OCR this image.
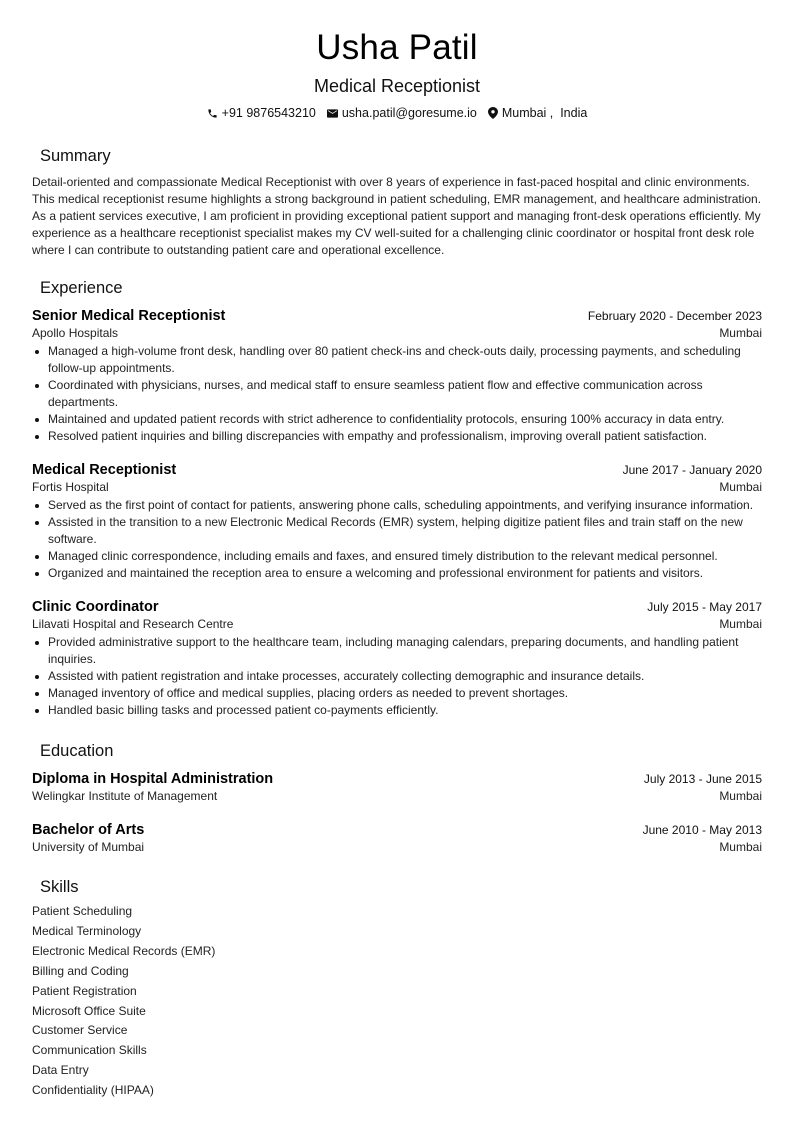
Usha Patil
Medical Receptionist
+91 9876543210 usha.patil@goresume.io Mumbai ,  India
Summary
Detail-oriented and compassionate Medical Receptionist with over 8 years of experience in fast-paced hospital and clinic environments. This medical receptionist resume highlights a strong background in patient scheduling, EMR management, and healthcare administration. As a patient services executive, I am proficient in providing exceptional patient support and managing front-desk operations efficiently. My experience as a healthcare receptionist specialist makes my CV well-suited for a challenging clinic coordinator or hospital front desk role where I can contribute to outstanding patient care and operational excellence.
Experience
Senior Medical Receptionist	February 2020 - December 2023
Apollo Hospitals	Mumbai
Managed a high-volume front desk, handling over 80 patient check-ins and check-outs daily, processing payments, and scheduling follow-up appointments.
Coordinated with physicians, nurses, and medical staff to ensure seamless patient flow and effective communication across departments.
Maintained and updated patient records with strict adherence to confidentiality protocols, ensuring 100% accuracy in data entry.
Resolved patient inquiries and billing discrepancies with empathy and professionalism, improving overall patient satisfaction.
Medical Receptionist	June 2017 - January 2020
Fortis Hospital	Mumbai
Served as the first point of contact for patients, answering phone calls, scheduling appointments, and verifying insurance information.
Assisted in the transition to a new Electronic Medical Records (EMR) system, helping digitize patient files and train staff on the new software.
Managed clinic correspondence, including emails and faxes, and ensured timely distribution to the relevant medical personnel.
Organized and maintained the reception area to ensure a welcoming and professional environment for patients and visitors.
Clinic Coordinator	July 2015 - May 2017
Lilavati Hospital and Research Centre	Mumbai
Provided administrative support to the healthcare team, including managing calendars, preparing documents, and handling patient inquiries.
Assisted with patient registration and intake processes, accurately collecting demographic and insurance details.
Managed inventory of office and medical supplies, placing orders as needed to prevent shortages.
Handled basic billing tasks and processed patient co-payments efficiently.
Education
Diploma in Hospital Administration	July 2013 - June 2015
Welingkar Institute of Management	Mumbai
Bachelor of Arts	June 2010 - May 2013
University of Mumbai	Mumbai
Skills
Patient Scheduling
Medical Terminology
Electronic Medical Records (EMR)
Billing and Coding
Patient Registration
Microsoft Office Suite
Customer Service
Communication Skills
Data Entry
Confidentiality (HIPAA)
